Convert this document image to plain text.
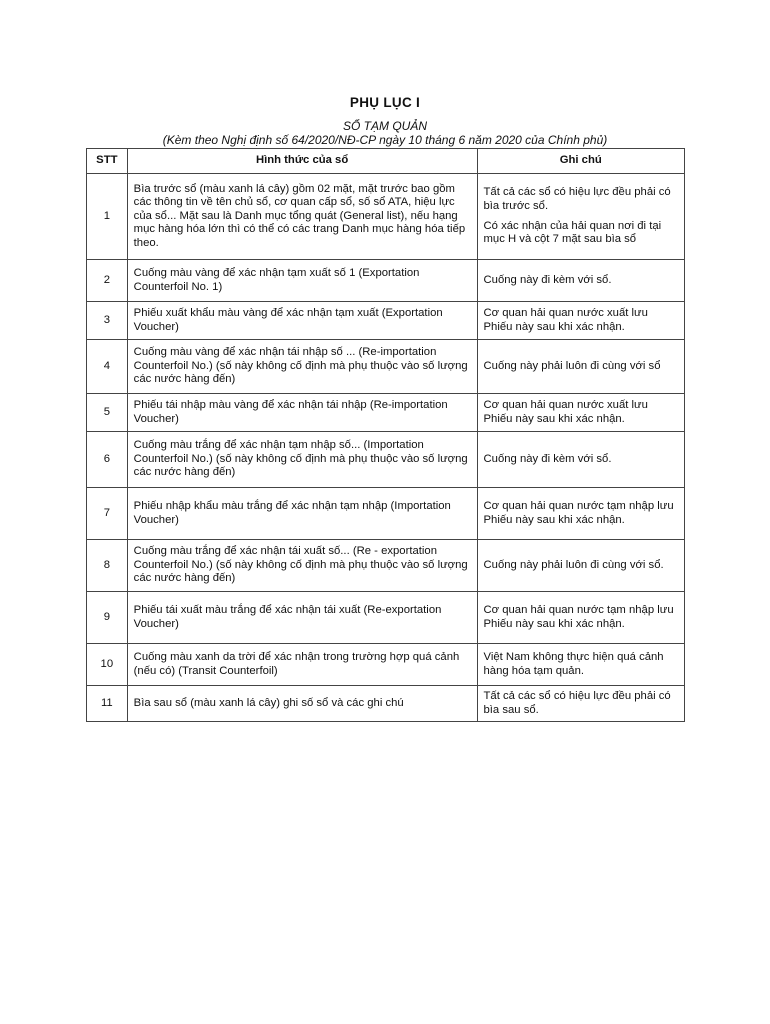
PHỤ LỤC I
SỔ TẠM QUẢN
(Kèm theo Nghị định số 64/2020/NĐ-CP ngày 10 tháng 6 năm 2020 của Chính phủ)
STT	Hình thức của sổ	Ghi chú
1	Bìa trước sổ (màu xanh lá cây) gồm 02 mặt, mặt trước bao gồm các thông tin về tên chủ sổ, cơ quan cấp sổ, số sổ ATA, hiệu lực của sổ... Mặt sau là Danh mục tổng quát (General list), nếu hạng mục hàng hóa lớn thì có thể có các trang Danh mục hàng hóa tiếp theo.	Tất cả các sổ có hiệu lực đều phải có bìa trước sổ.

Có xác nhận của hải quan nơi đi tại mục H và cột 7 mặt sau bìa sổ

2	Cuống màu vàng để xác nhận tạm xuất số 1 (Exportation Counterfoil No. 1)	Cuống này đi kèm với sổ.
3	Phiếu xuất khẩu màu vàng để xác nhận tạm xuất (Exportation Voucher)	Cơ quan hải quan nước xuất lưu Phiếu này sau khi xác nhận.
4	Cuống màu vàng để xác nhận tái nhập số ... (Re-importation Counterfoil No.) (số này không cố định mà phụ thuộc vào số lượng các nước hàng đến)	Cuống này phải luôn đi cùng với sổ
5	Phiếu tái nhập màu vàng để xác nhận tái nhập (Re-importation Voucher)	Cơ quan hải quan nước xuất lưu Phiếu này sau khi xác nhận.
6	Cuống màu trắng để xác nhận tạm nhập số... (Importation Counterfoil No.) (số này không cố định mà phụ thuộc vào số lượng các nước hàng đến)	Cuống này đi kèm với sổ.
7	Phiếu nhập khẩu màu trắng để xác nhận tạm nhập (Importation Voucher)	Cơ quan hải quan nước tạm nhập lưu Phiếu này sau khi xác nhận.
8	Cuống màu trắng để xác nhận tái xuất số... (Re - exportation Counterfoil No.) (số này không cố định mà phụ thuộc vào số lượng các nước hàng đến)	Cuống này phải luôn đi cùng với sổ.
9	Phiếu tái xuất màu trắng để xác nhận tái xuất (Re-exportation Voucher)	Cơ quan hải quan nước tạm nhập lưu Phiếu này sau khi xác nhận.
10	Cuống màu xanh da trời để xác nhận trong trường hợp quá cảnh (nếu có) (Transit Counterfoil)	Việt Nam không thực hiện quá cảnh hàng hóa tạm quản.
11	Bìa sau sổ (màu xanh lá cây) ghi số sổ và các ghi chú	Tất cả các sổ có hiệu lực đều phải có bìa sau sổ.
